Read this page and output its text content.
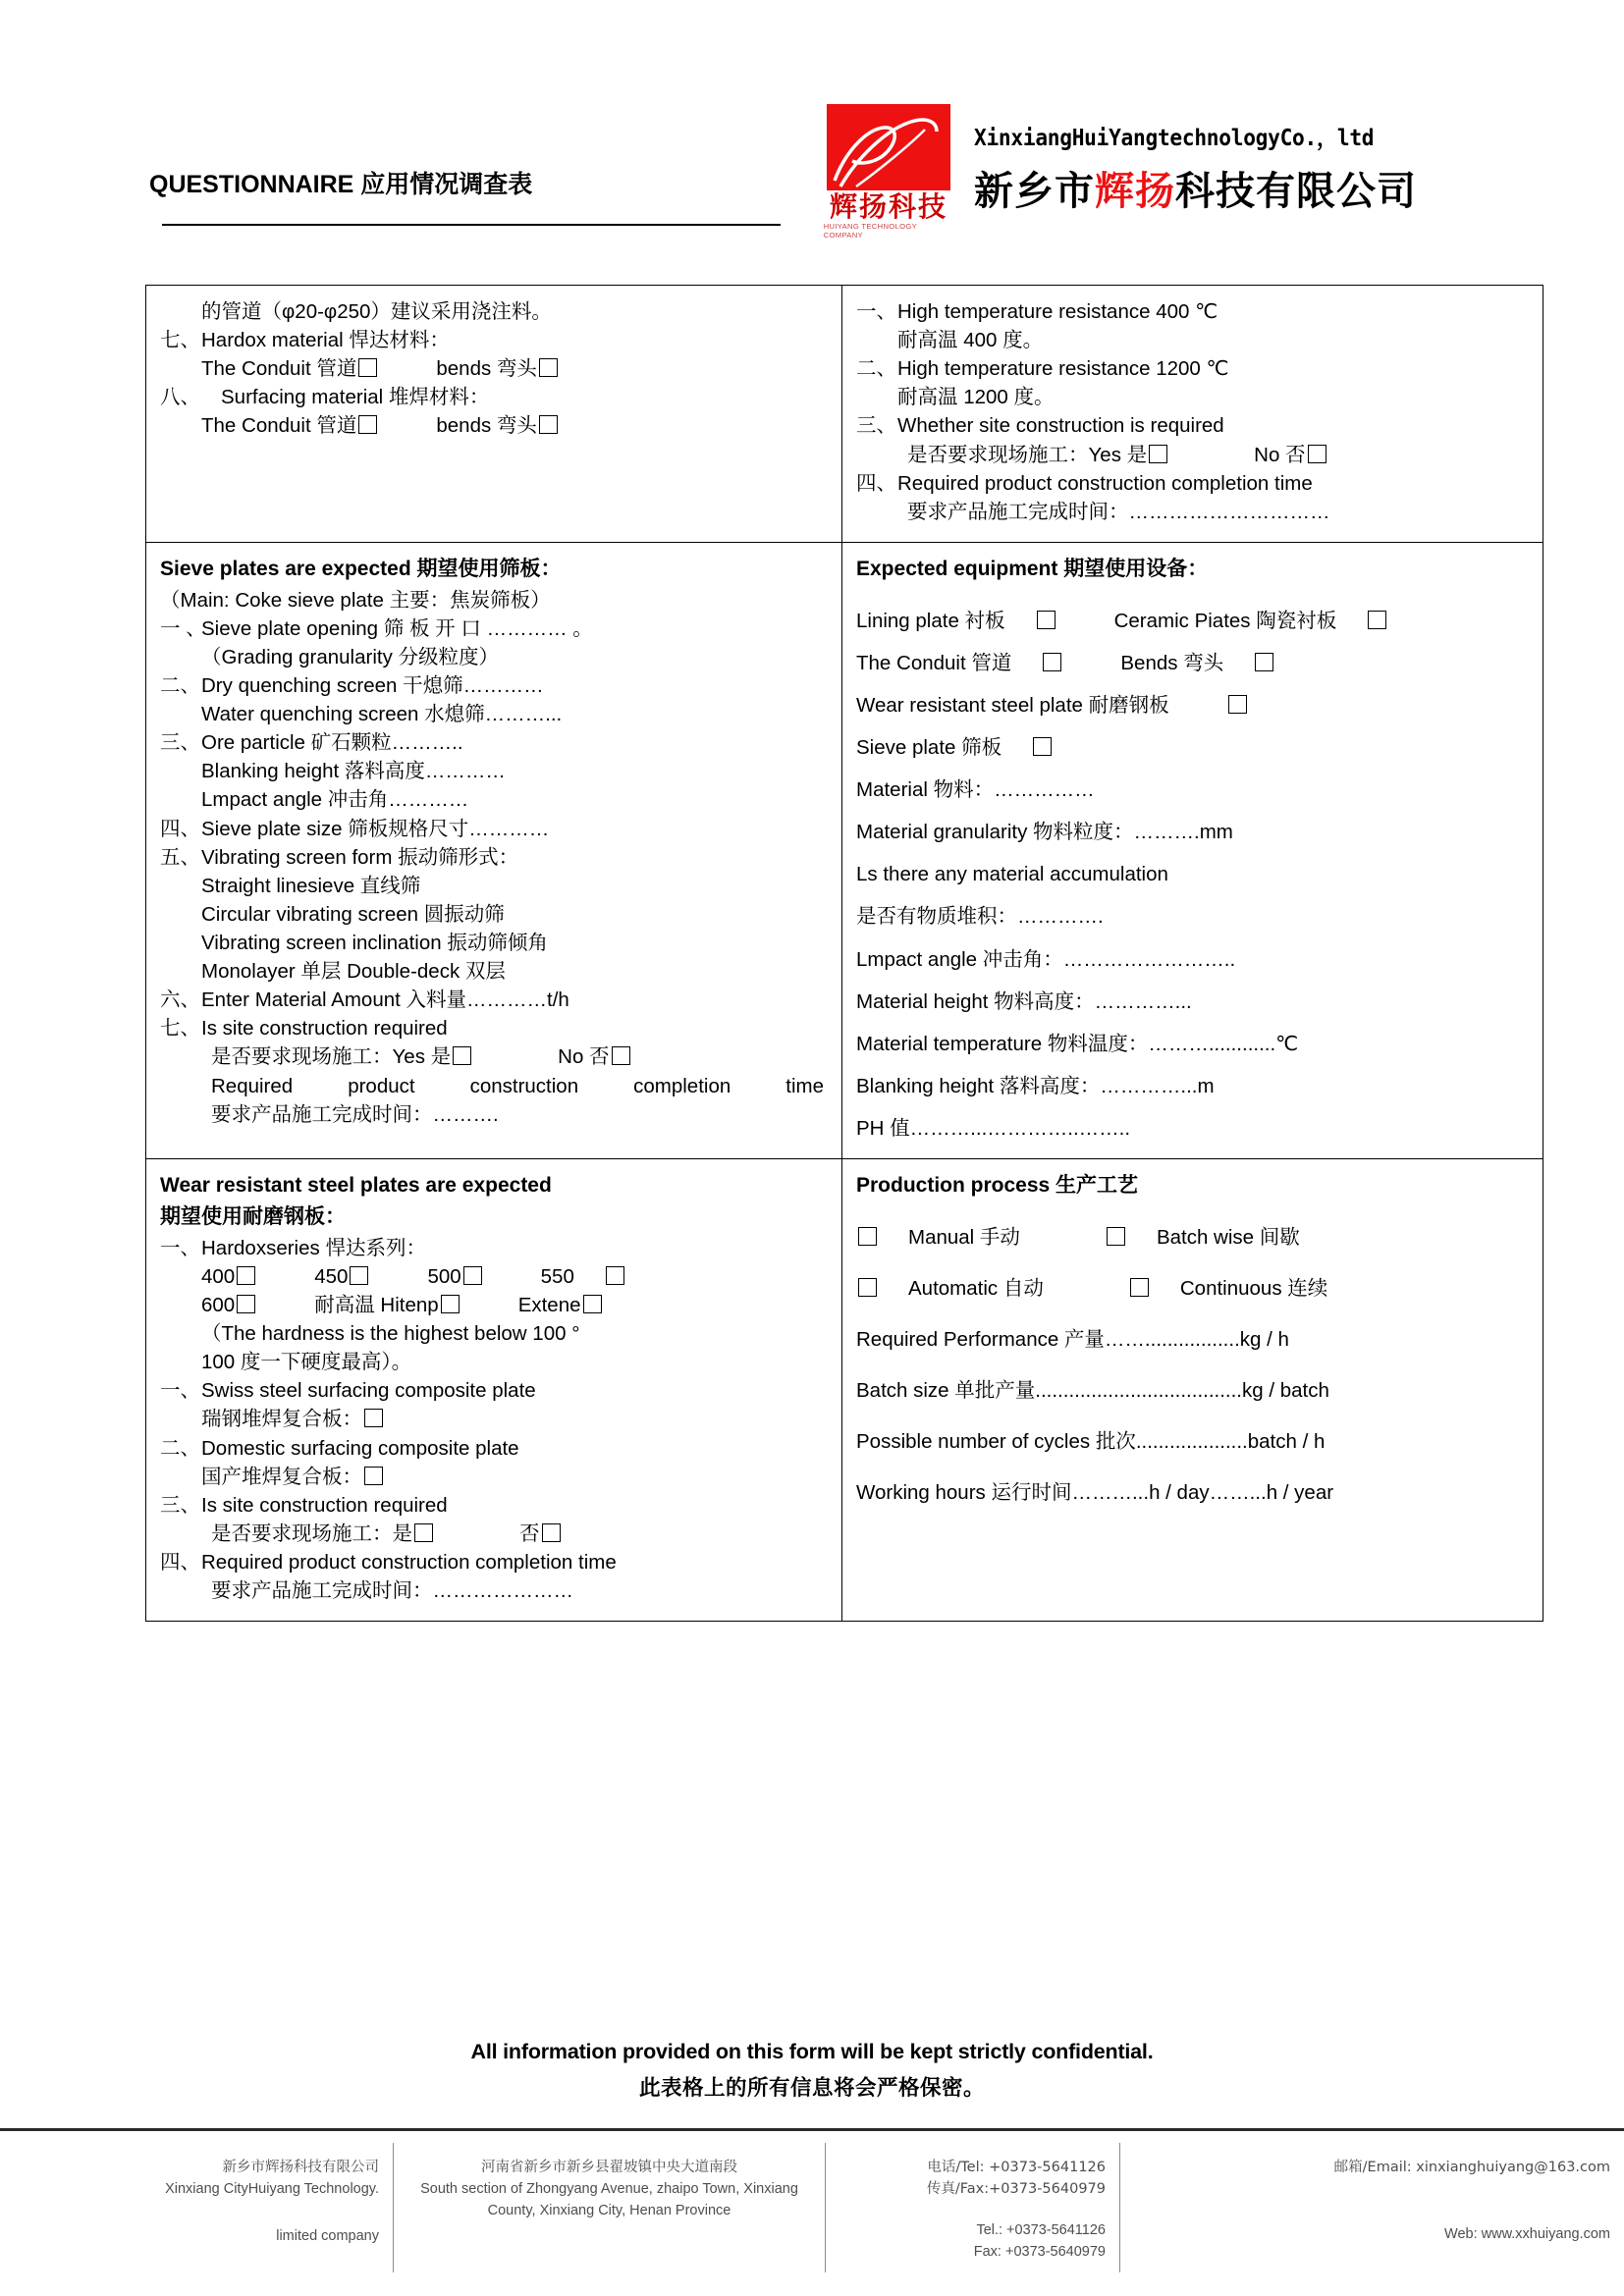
QUESTIONNAIRE 应用情况调查表
辉扬科技
HUIYANG TECHNOLOGY COMPANY
XinxiangHuiYangtechnologyCo.，ltd
新乡市辉扬科技有限公司
的管道（φ20-φ250）建议采用浇注料。
七、Hardox material 悍达材料：
The Conduit 管道	bends 弯头
八、 Surfacing material 堆焊材料：
The Conduit 管道	bends 弯头

一、High temperature resistance 400 ℃
耐高温 400 度。
二、High temperature resistance 1200 ℃
耐高温 1200 度。
三、Whether site construction is required
是否要求现场施工：Yes 是	No 否
四、Required product construction completion time
要求产品施工完成时间：…………………………

Sieve plates are expected 期望使用筛板：
（Main: Coke sieve plate 主要：焦炭筛板）
一 、Sieve plate opening 筛 板 开 口 ………… 。
（Grading granularity 分级粒度）
二、Dry quenching screen 干熄筛…………
Water quenching screen 水熄筛………...
三、Ore particle 矿石颗粒………..
Blanking height 落料高度…………
Lmpact angle 冲击角…………
四、Sieve plate size 筛板规格尺寸…………
五、Vibrating screen form 振动筛形式：
Straight linesieve 直线筛
Circular vibrating screen 圆振动筛
Vibrating screen inclination 振动筛倾角
Monolayer 单层 Double-deck 双层
六、Enter Material Amount 入料量…………t/h
七、Is site construction required
是否要求现场施工：Yes 是	No 否
Required product construction completion time
要求产品施工完成时间：……….

Expected equipment 期望使用设备：
Lining plate 衬板	Ceramic Piates 陶瓷衬板
The Conduit 管道	Bends 弯头
Wear resistant steel plate 耐磨钢板
Sieve plate 筛板
Material 物料：……………
Material granularity 物料粒度：……….mm
Ls there any material accumulation
是否有物质堆积：………….
Lmpact angle 冲击角：……………………..
Material height 物料高度：…………...
Material temperature 物料温度：………............℃
Blanking height 落料高度：…………...m
PH 值………...…………..……..

Wear resistant steel plates are expected
期望使用耐磨钢板：
一、Hardoxseries 悍达系列：
400	450	500	550
600	耐高温 Hitenp	Extene
（The hardness is the highest below 100 °
100 度一下硬度最高）。
一、Swiss steel surfacing composite plate
瑞钢堆焊复合板：
二、Domestic surfacing composite plate
国产堆焊复合板：
三、Is site construction required
是否要求现场施工：是	否
四、Required product construction completion time
要求产品施工完成时间：…………………

Production process 生产工艺
Manual 手动	Batch wise 间歇
Automatic 自动	Continuous 连续
Required Performance 产量…….................kg / h
Batch size 单批产量.....................................kg / batch
Possible number of cycles 批次....................batch / h
Working hours 运行时间………...h / day……...h / year
All information provided on this form will be kept strictly confidential.
此表格上的所有信息将会严格保密。
新乡市辉扬科技有限公司
Xinxiang CityHuiyang Technology.
limited company
河南省新乡市新乡县翟坡镇中央大道南段
South section of Zhongyang Avenue, zhaipo Town, Xinxiang
County, Xinxiang City, Henan Province
电话/Tel: +0373-5641126
传真/Fax:+0373-5640979
Tel.: +0373-5641126
Fax: +0373-5640979
邮箱/Email: xinxianghuiyang@163.com
Web: www.xxhuiyang.com
